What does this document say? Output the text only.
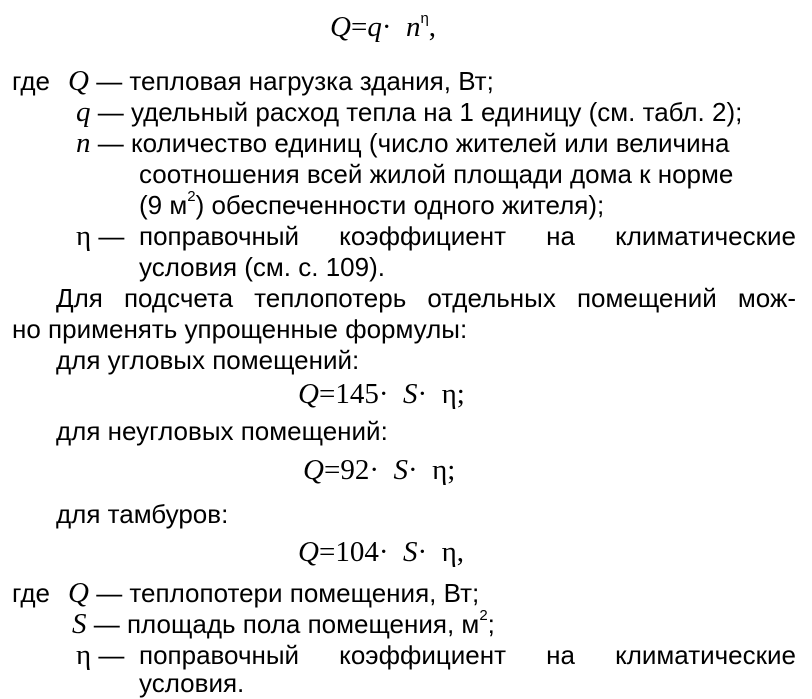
$Q=q\cdot n^\eta$,
где Q — тепловая нагрузка здания, Вт;
q — удельный расход тепла на 1 единицу (см. табл. 2);
n — количество единиц (число жителей или величина
соотношения всей жилой площади дома к норме
(9 $м^2$) обеспеченности одного жителя);
η — поправочный коэффициент на климатические
условия (см. с. 109).
Для подсчета теплопотерь отдельных помещений мож-
но применять упрощенные формулы:
для угловых помещений:
Q=145· S· η;
для неугловых помещений:
Q=92· S· η;
для тамбуров:
Q=104· S· η,
где Q — теплопотери помещения, Вт;
S — площадь пола помещения, $м^2$;
η — поправочный коэффициент на климатические
условия.
